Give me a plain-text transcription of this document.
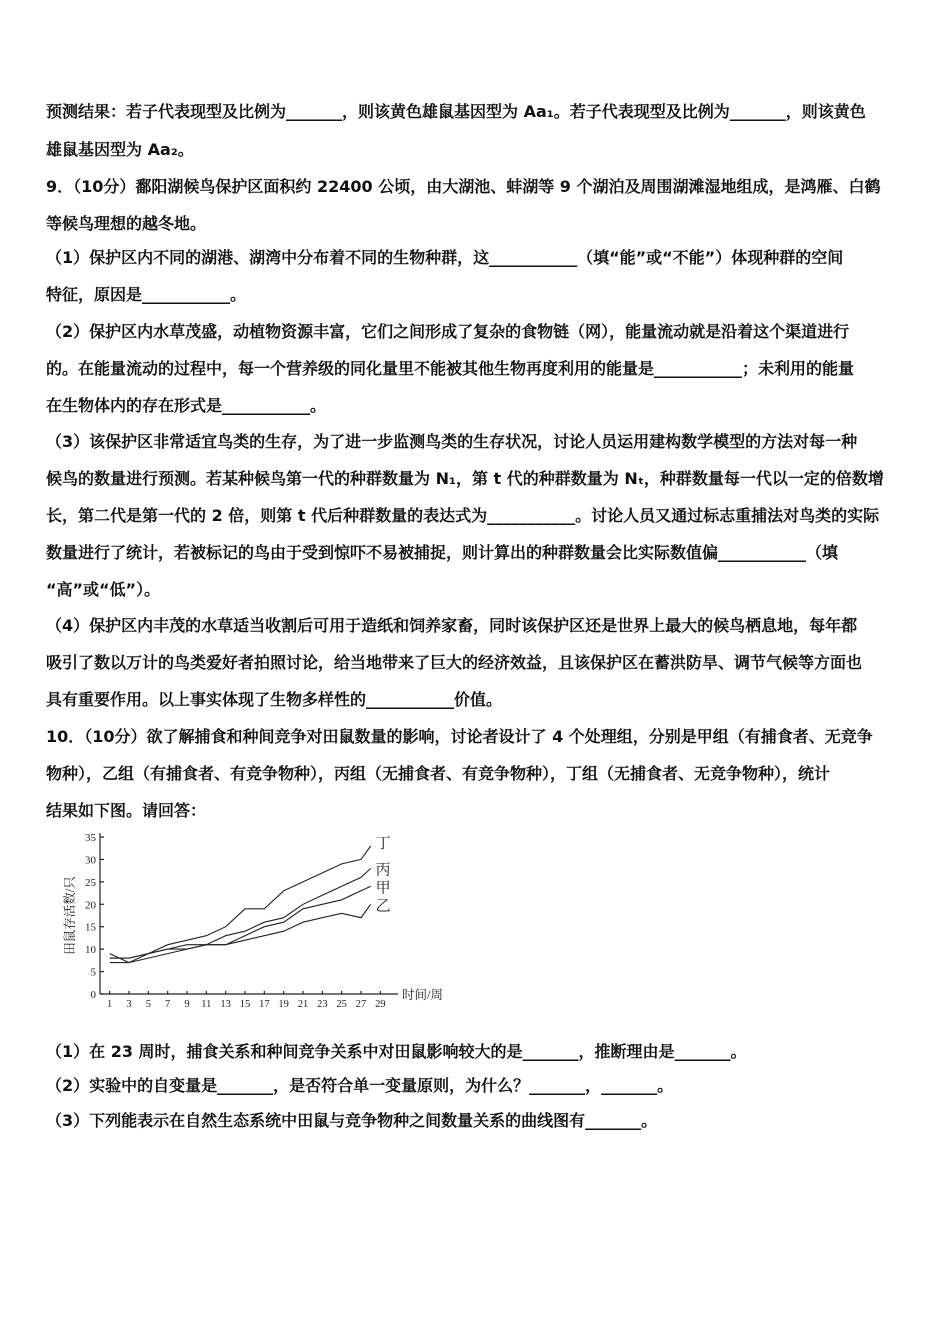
预测结果：若子代表现型及比例为_______，则该黄色雄鼠基因型为 Aa₁。若子代表现型及比例为_______，则该黄色
雄鼠基因型为 Aa₂。
9．（10分）鄱阳湖候鸟保护区面积约 22400 公顷，由大湖池、蚌湖等 9 个湖泊及周围湖滩湿地组成，是鸿雁、白鹤
等候鸟理想的越冬地。
（1）保护区内不同的湖港、湖湾中分布着不同的生物种群，这___________（填“能”或“不能”）体现种群的空间
特征，原因是___________。
（2）保护区内水草茂盛，动植物资源丰富，它们之间形成了复杂的食物链（网），能量流动就是沿着这个渠道进行
的。在能量流动的过程中，每一个营养级的同化量里不能被其他生物再度利用的能量是___________；未利用的能量
在生物体内的存在形式是___________。
（3）该保护区非常适宜鸟类的生存，为了进一步监测鸟类的生存状况，讨论人员运用建构数学模型的方法对每一种
候鸟的数量进行预测。若某种候鸟第一代的种群数量为 N₁，第 t 代的种群数量为 Nₜ，种群数量每一代以一定的倍数增
长，第二代是第一代的 2 倍，则第 t 代后种群数量的表达式为___________。讨论人员又通过标志重捕法对鸟类的实际
数量进行了统计，若被标记的鸟由于受到惊吓不易被捕捉，则计算出的种群数量会比实际数值偏___________（填
“高”或“低”）。
（4）保护区内丰茂的水草适当收割后可用于造纸和饲养家畜，同时该保护区还是世界上最大的候鸟栖息地，每年都
吸引了数以万计的鸟类爱好者拍照讨论，给当地带来了巨大的经济效益，且该保护区在蓄洪防旱、调节气候等方面也
具有重要作用。以上事实体现了生物多样性的___________价值。
10．（10分）欲了解捕食和种间竞争对田鼠数量的影响，讨论者设计了 4 个处理组，分别是甲组（有捕食者、无竞争
物种），乙组（有捕食者、有竞争物种），丙组（无捕食者、有竞争物种），丁组（无捕食者、无竞争物种），统计
结果如下图。请回答：
0
5
10
15
20
25
30
35
1 3 5 7 9 11 13 15 17 19 21 23 25 27 29
时间/周
田鼠存活数/只
丁
丙
甲
乙
（1）在 23 周时，捕食关系和种间竞争关系中对田鼠影响较大的是_______，推断理由是_______。
（2）实验中的自变量是_______，是否符合单一变量原则，为什么？_______，_______。
（3）下列能表示在自然生态系统中田鼠与竞争物种之间数量关系的曲线图有_______。
